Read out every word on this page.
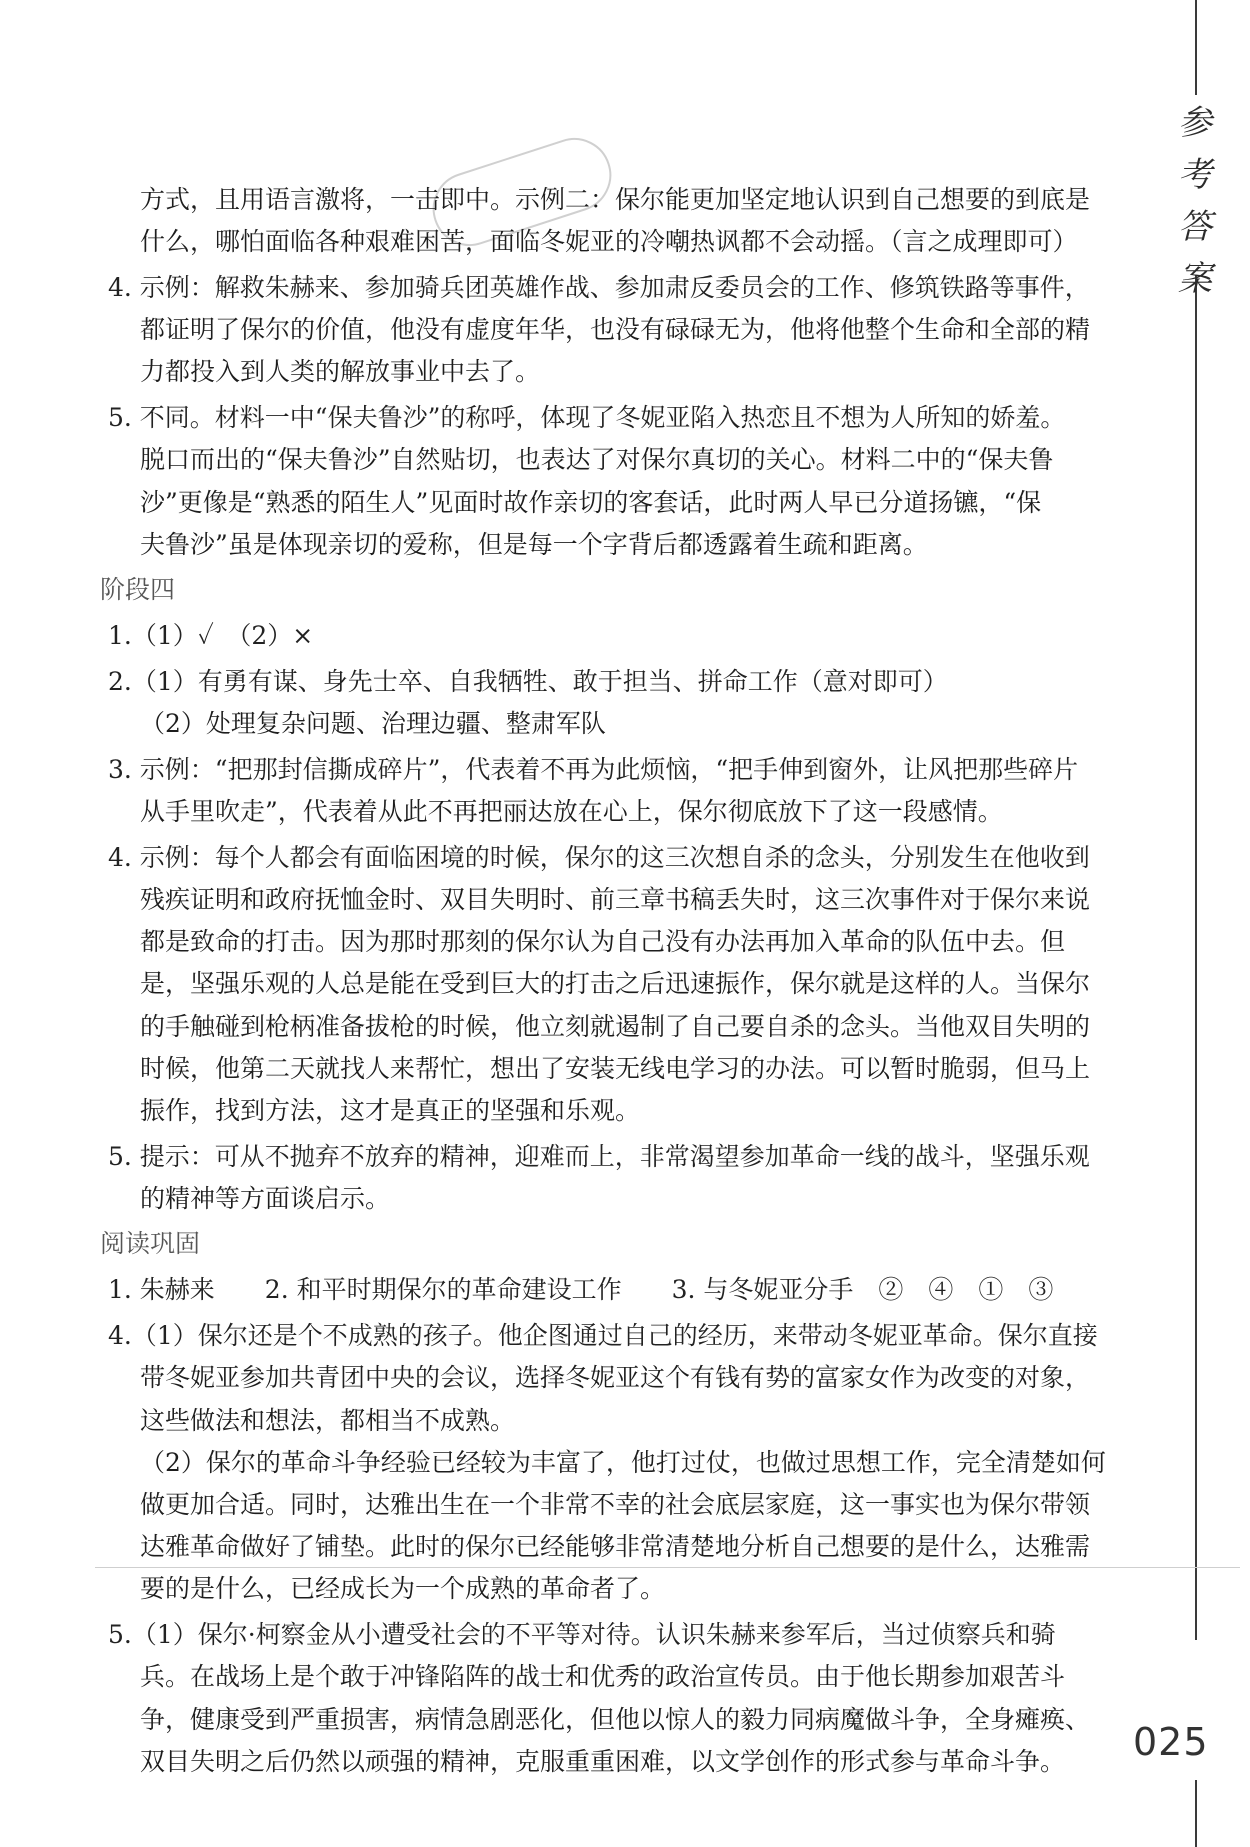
参
考
答
案

方式，且用语言激将，一击即中。示例二：保尔能更加坚定地认识到自己想要的到底是
什么，哪怕面临各种艰难困苦，面临冬妮亚的冷嘲热讽都不会动摇。（言之成理即可）
4. 示例：解救朱赫来、参加骑兵团英雄作战、参加肃反委员会的工作、修筑铁路等事件，
都证明了保尔的价值，他没有虚度年华，也没有碌碌无为，他将他整个生命和全部的精
力都投入到人类的解放事业中去了。
5. 不同。材料一中“保夫鲁沙”的称呼，体现了冬妮亚陷入热恋且不想为人所知的娇羞。
脱口而出的“保夫鲁沙”自然贴切，也表达了对保尔真切的关心。材料二中的“保夫鲁
沙”更像是“熟悉的陌生人”见面时故作亲切的客套话，此时两人早已分道扬镳，“保
夫鲁沙”虽是体现亲切的爱称，但是每一个字背后都透露着生疏和距离。
阶段四
1.（1）✓　（2）×
2.（1）有勇有谋、身先士卒、自我牺牲、敢于担当、拼命工作（意对即可）
（2）处理复杂问题、治理边疆、整肃军队
3. 示例：“把那封信撕成碎片”，代表着不再为此烦恼，“把手伸到窗外，让风把那些碎片
从手里吹走”，代表着从此不再把丽达放在心上，保尔彻底放下了这一段感情。
4. 示例：每个人都会有面临困境的时候，保尔的这三次想自杀的念头，分别发生在他收到
残疾证明和政府抚恤金时、双目失明时、前三章书稿丢失时，这三次事件对于保尔来说
都是致命的打击。因为那时那刻的保尔认为自己没有办法再加入革命的队伍中去。但
是，坚强乐观的人总是能在受到巨大的打击之后迅速振作，保尔就是这样的人。当保尔
的手触碰到枪柄准备拔枪的时候，他立刻就遏制了自己要自杀的念头。当他双目失明的
时候，他第二天就找人来帮忙，想出了安装无线电学习的办法。可以暂时脆弱，但马上
振作，找到方法，这才是真正的坚强和乐观。
5. 提示：可从不抛弃不放弃的精神，迎难而上，非常渴望参加革命一线的战斗，坚强乐观
的精神等方面谈启示。
阅读巩固
1. 朱赫来　　2. 和平时期保尔的革命建设工作　　3. 与冬妮亚分手　②　④　①　③
4.（1）保尔还是个不成熟的孩子。他企图通过自己的经历，来带动冬妮亚革命。保尔直接
带冬妮亚参加共青团中央的会议，选择冬妮亚这个有钱有势的富家女作为改变的对象，
这些做法和想法，都相当不成熟。
（2）保尔的革命斗争经验已经较为丰富了，他打过仗，也做过思想工作，完全清楚如何
做更加合适。同时，达雅出生在一个非常不幸的社会底层家庭，这一事实也为保尔带领
达雅革命做好了铺垫。此时的保尔已经能够非常清楚地分析自己想要的是什么，达雅需
要的是什么，已经成长为一个成熟的革命者了。
5.（1）保尔·柯察金从小遭受社会的不平等对待。认识朱赫来参军后，当过侦察兵和骑
兵。在战场上是个敢于冲锋陷阵的战士和优秀的政治宣传员。由于他长期参加艰苦斗
争，健康受到严重损害，病情急剧恶化，但他以惊人的毅力同病魔做斗争，全身瘫痪、
双目失明之后仍然以顽强的精神，克服重重困难，以文学创作的形式参与革命斗争。 025
